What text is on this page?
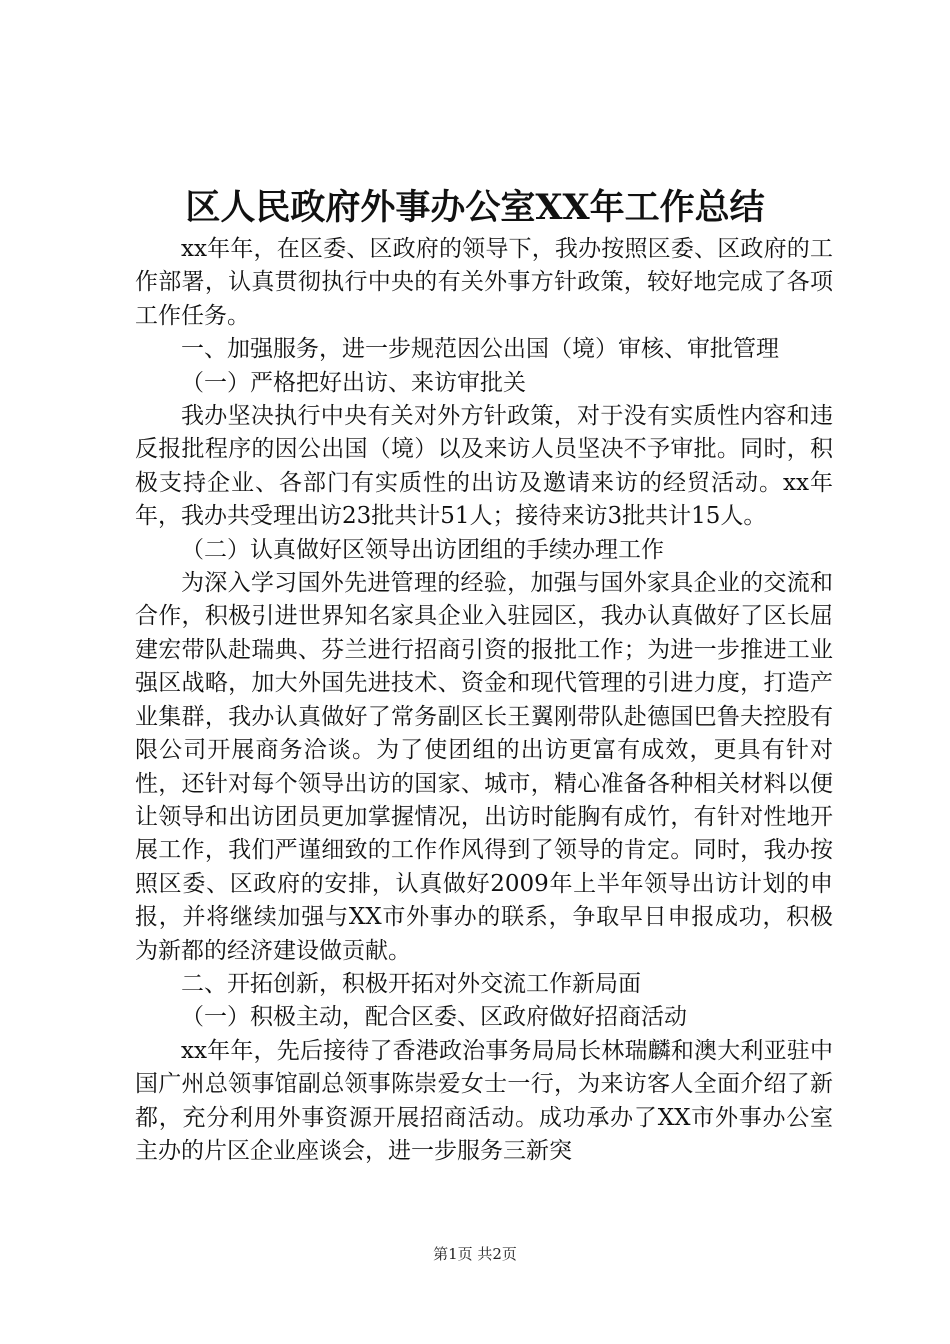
区人民政府外事办公室XX年工作总结

xx年年，在区委、区政府的领导下，我办按照区委、区政府的工作部署，认真贯彻执行中央的有关外事方针政策，较好地完成了各项工作任务。

一、加强服务，进一步规范因公出国（境）审核、审批管理

（一）严格把好出访、来访审批关

我办坚决执行中央有关对外方针政策，对于没有实质性内容和违反报批程序的因公出国（境）以及来访人员坚决不予审批。同时，积极支持企业、各部门有实质性的出访及邀请来访的经贸活动。xx年年，我办共受理出访23批共计51人；接待来访3批共计15人。

（二）认真做好区领导出访团组的手续办理工作

为深入学习国外先进管理的经验，加强与国外家具企业的交流和合作，积极引进世界知名家具企业入驻园区，我办认真做好了区长屈建宏带队赴瑞典、芬兰进行招商引资的报批工作；为进一步推进工业强区战略，加大外国先进技术、资金和现代管理的引进力度，打造产业集群，我办认真做好了常务副区长王翼刚带队赴德国巴鲁夫控股有限公司开展商务洽谈。为了使团组的出访更富有成效，更具有针对性，还针对每个领导出访的国家、城市，精心准备各种相关材料以便让领导和出访团员更加掌握情况，出访时能胸有成竹，有针对性地开展工作，我们严谨细致的工作作风得到了领导的肯定。同时，我办按照区委、区政府的安排，认真做好2009年上半年领导出访计划的申报，并将继续加强与XX市外事办的联系，争取早日申报成功，积极为新都的经济建设做贡献。

二、开拓创新，积极开拓对外交流工作新局面

（一）积极主动，配合区委、区政府做好招商活动

xx年年，先后接待了香港政治事务局局长林瑞麟和澳大利亚驻中国广州总领事馆副总领事陈崇爱女士一行，为来访客人全面介绍了新都，充分利用外事资源开展招商活动。成功承办了XX市外事办公室主办的片区企业座谈会，进一步服务三新突

第1页 共2页
